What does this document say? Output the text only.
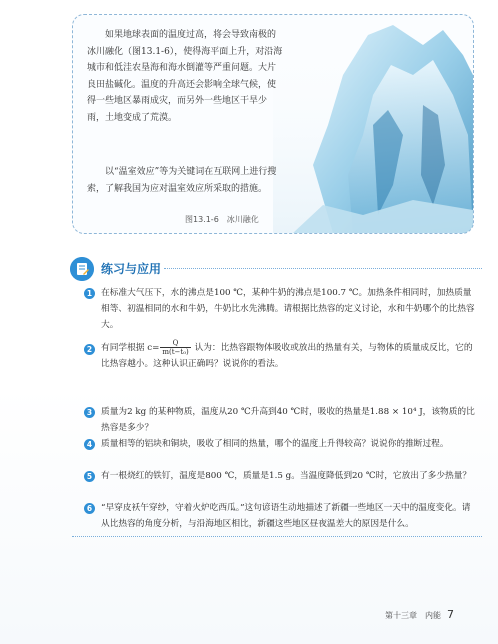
如果地球表面的温度过高，将会导致南极的冰川融化（图13.1-6），使得海平面上升，对沿海城市和低洼农垦海和海水倒灌等严重问题。大片良田盐碱化。温度的升高还会影响全球气候，使得一些地区暴雨成灾，而另外一些地区干旱少雨，土地变成了荒漠。

以“温室效应”等为关键词在互联网上进行搜索，了解我国为应对温室效应所采取的措施。

图13.1-6　冰川融化
练习与应用
1	在标准大气压下，水的沸点是100 ℃，某种牛奶的沸点是100.7 ℃。加热条件相同时，加热质量相等、初温相同的水和牛奶，牛奶比水先沸腾。请根据比热容的定义讨论，水和牛奶哪个的比热容大。

2	有同学根据 $c= \frac{Q}{\text{m(t−t₀)}}$ 认为：比热容跟物体吸收或放出的热量有关，与物体的质量成反比，它的比热容越小。这种认识正确吗？说说你的看法。

3	质量为2 kg 的某种物质，温度从20 ℃升高到40 ℃时，吸收的热量是1.88 × 10⁴ J，该物质的比热容是多少？

4	质量相等的铝块和铜块，吸收了相同的热量，哪个的温度上升得较高？说说你的推断过程。

5	有一根烧红的铁钉，温度是800 ℃，质量是1.5 g。当温度降低到20 ℃时，它放出了多少热量？

6	“早穿皮袄午穿纱，守着火炉吃西瓜。”这句谚语生动地描述了新疆一些地区一天中的温度变化。请从比热容的角度分析，与沿海地区相比，新疆这些地区昼夜温差大的原因是什么。

第十三章　内能 7
